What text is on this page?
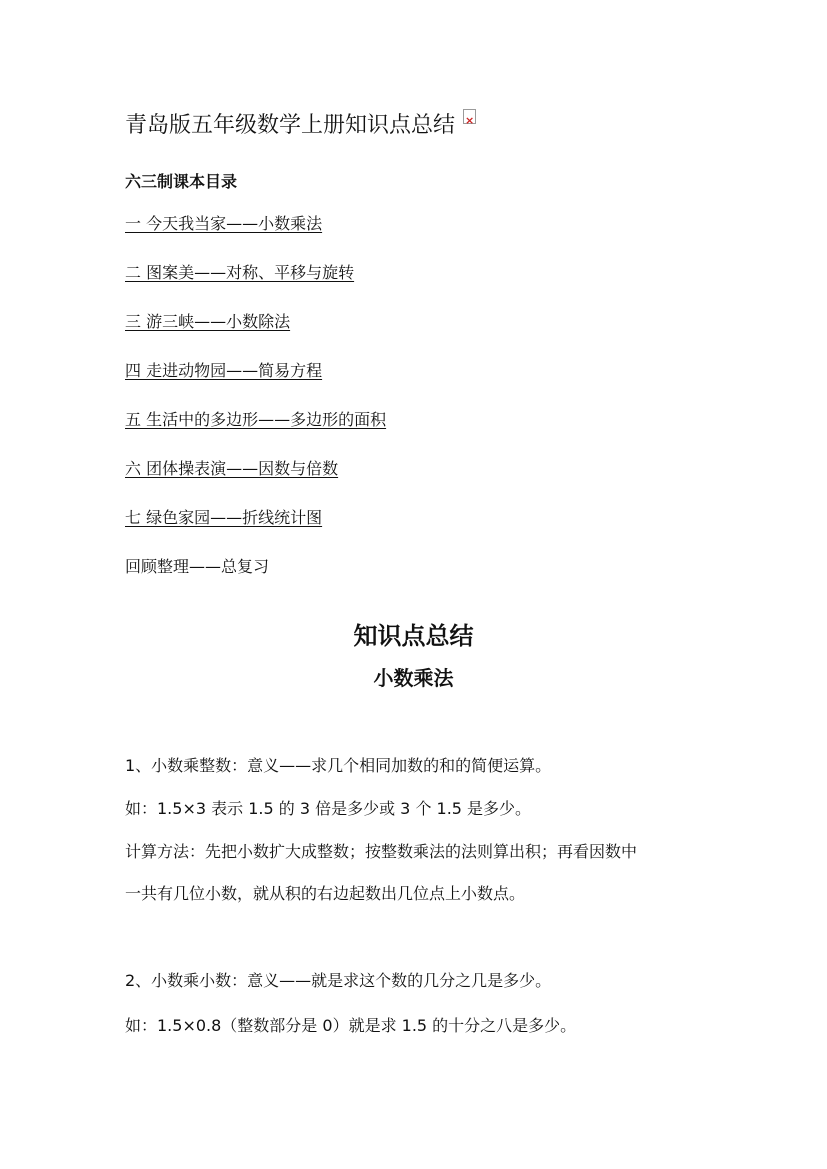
青岛版五年级数学上册知识点总结×
六三制课本目录
一 今天我当家——小数乘法
二 图案美——对称、平移与旋转
三 游三峡——小数除法
四 走进动物园——简易方程
五 生活中的多边形——多边形的面积
六 团体操表演——因数与倍数
七 绿色家园——折线统计图
回顾整理——总复习
知识点总结
小数乘法

1、小数乘整数：意义——求几个相同加数的和的简便运算。

如：1.5×3 表示 1.5 的 3 倍是多少或 3 个 1.5 是多少。

计算方法：先把小数扩大成整数；按整数乘法的法则算出积；再看因数中

一共有几位小数，就从积的右边起数出几位点上小数点。

2、小数乘小数：意义——就是求这个数的几分之几是多少。

如：1.5×0.8（整数部分是 0）就是求 1.5 的十分之八是多少。
